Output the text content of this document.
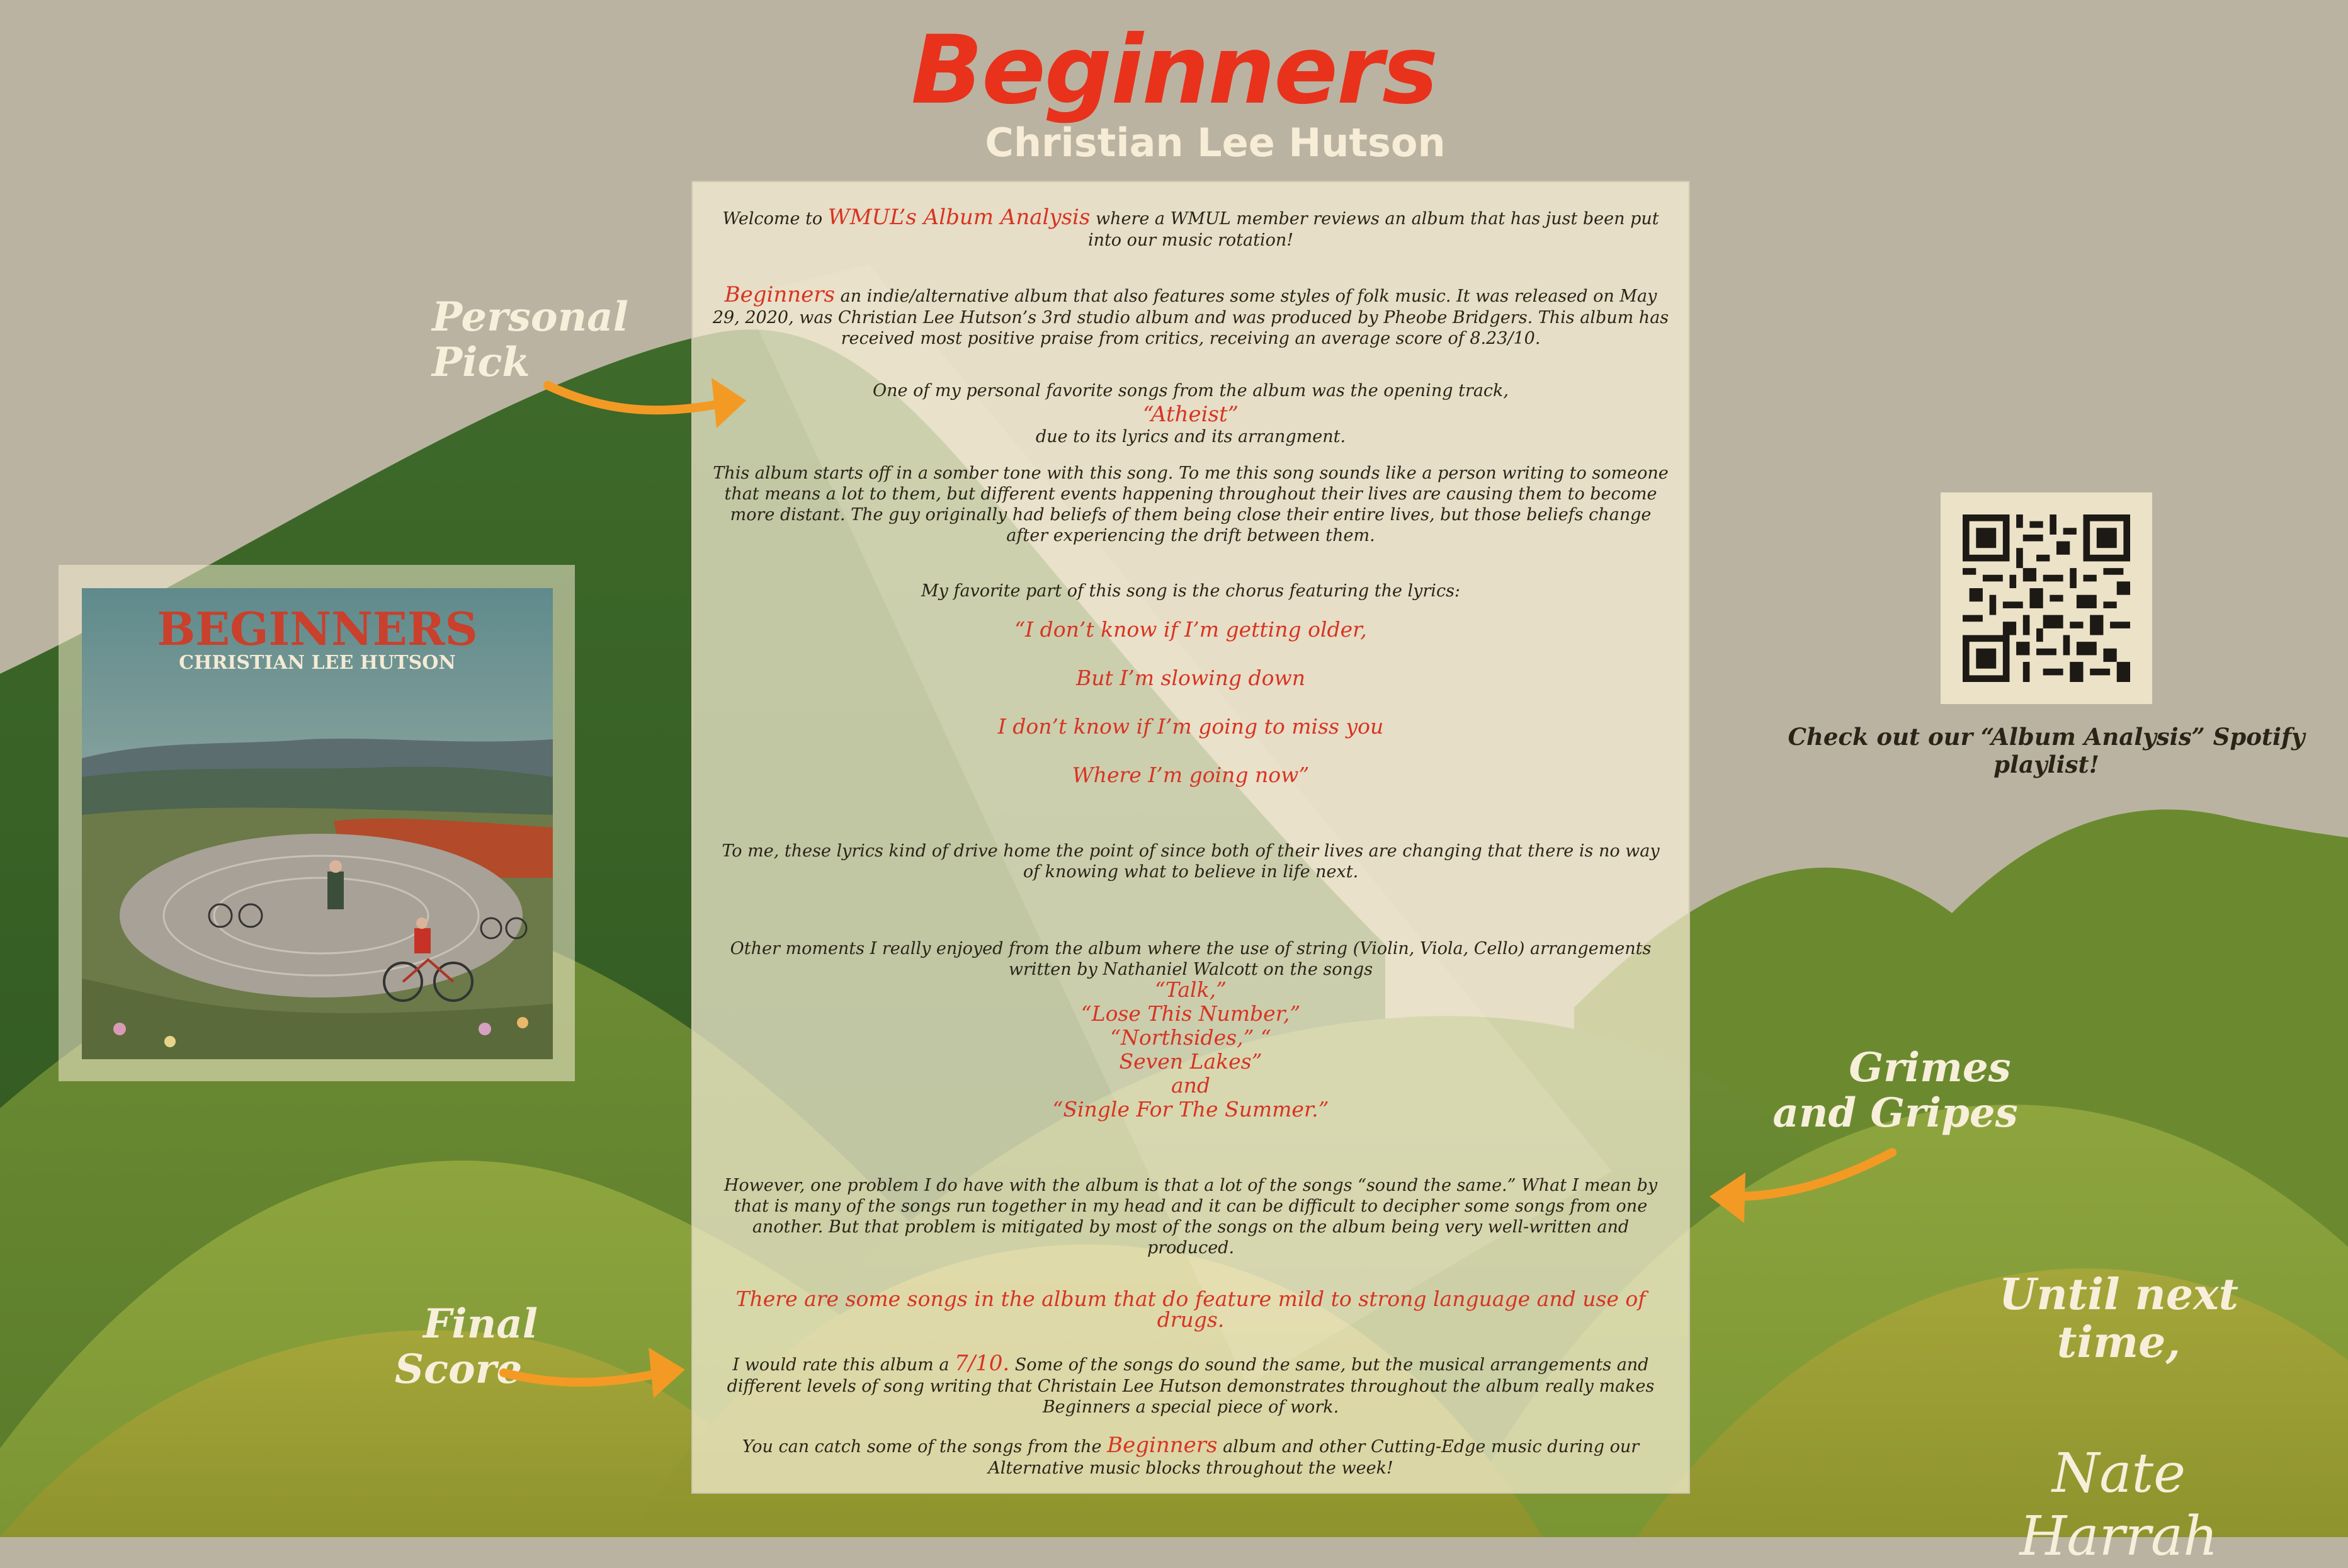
Beginners
Christian Lee Hutson
BEGINNERS
CHRISTIAN LEE HUTSON
Welcome to WMUL’s Album Analysis where a WMUL member reviews an album that has just been put into our music rotation!
Beginners an indie/alternative album that also features some styles of folk music. It was released on May 29, 2020, was Christian Lee Hutson’s 3rd studio album and was produced by Pheobe Bridgers. This album has received most positive praise from critics, receiving an average score of 8.23/10.
One of my personal favorite songs from the album was the opening track,
“Atheist”
due to its lyrics and its arrangment.
This album starts off in a somber tone with this song. To me this song sounds like a person writing to someone that means a lot to them, but different events happening throughout their lives are causing them to become more distant. The guy originally had beliefs of them being close their entire lives, but those beliefs change after experiencing the drift between them.
My favorite part of this song is the chorus featuring the lyrics:
“I don’t know if I’m getting older,
But I’m slowing down
I don’t know if I’m going to miss you
Where I’m going now”
To me, these lyrics kind of drive home the point of since both of their lives are changing that there is no way of knowing what to believe in life next.
Other moments I really enjoyed from the album where the use of string (Violin, Viola, Cello) arrangements written by Nathaniel Walcott on the songs
“Talk,”
“Lose This Number,”
“Northsides,” “
Seven Lakes”
and
“Single For The Summer.”
However, one problem I do have with the album is that a lot of the songs “sound the same.” What I mean by that is many of the songs run together in my head and it can be difficult to decipher some songs from one another. But that problem is mitigated by most of the songs on the album being very well-written and produced.
There are some songs in the album that do feature mild to strong language and use of drugs.
I would rate this album a 7/10. Some of the songs do sound the same, but the musical arrangements and different levels of song writing that Christain Lee Hutson demonstrates throughout the album really makes Beginners a special piece of work.
You can catch some of the songs from the Beginners album and other Cutting-Edge music during our Alternative music blocks throughout the week!
Personal
Pick
Grimes
and Gripes
Final
Score
Until next
time,
Nate Harrah
Check out our “Album Analysis” Spotify playlist!
